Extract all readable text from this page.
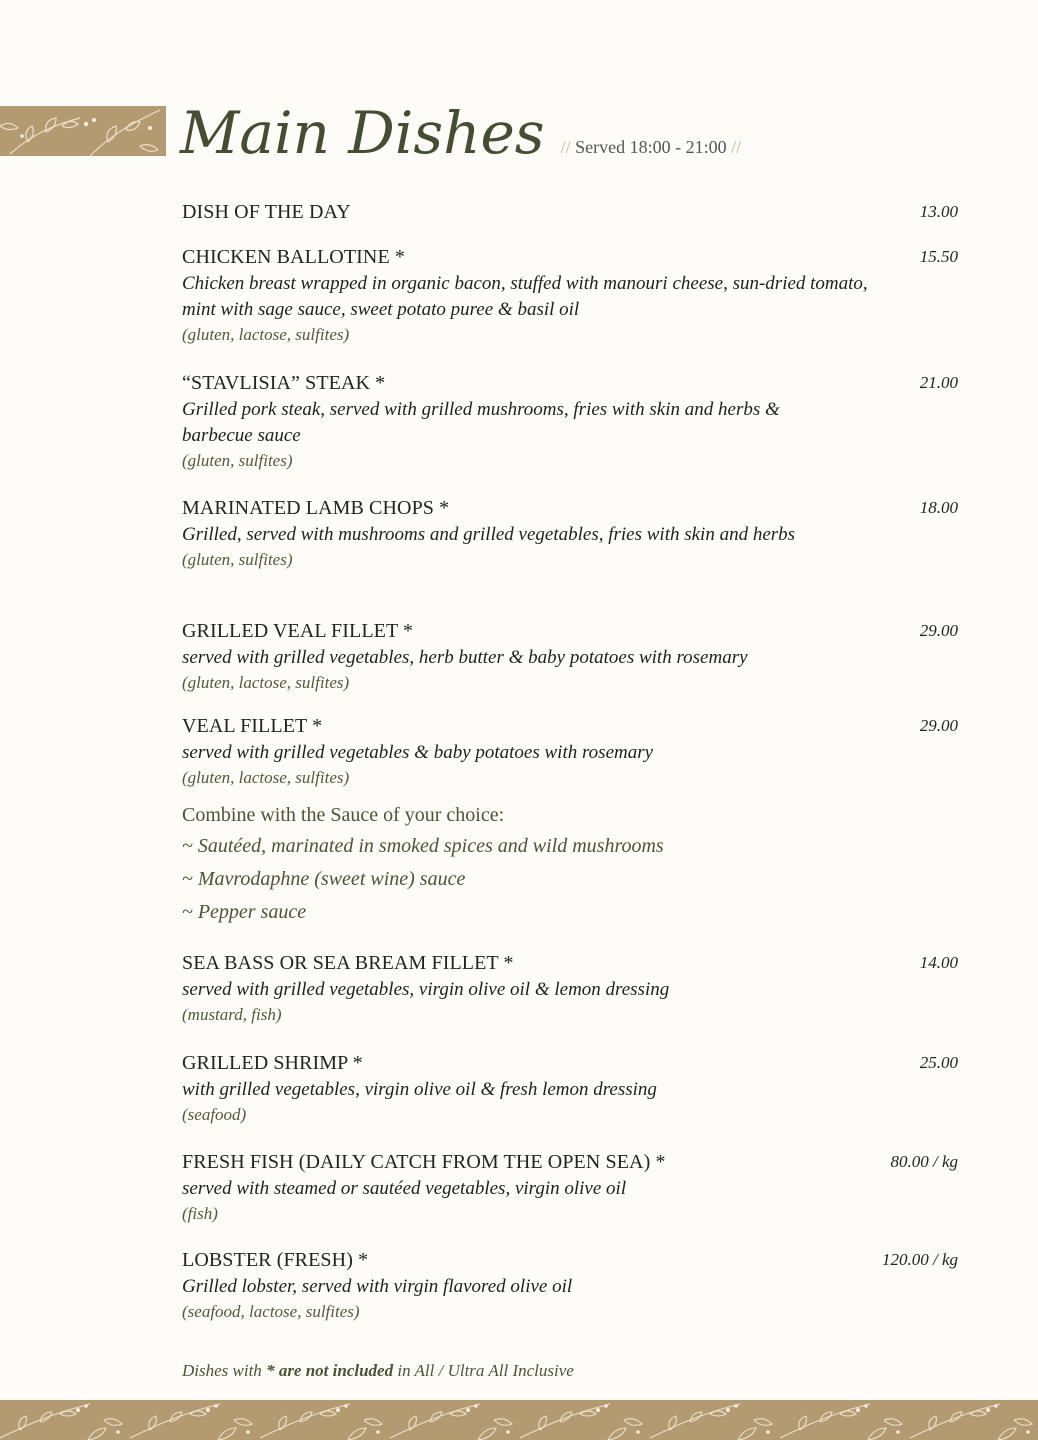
Main Dishes // Served 18:00 - 21:00 //
DISH OF THE DAY	13.00
CHICKEN BALLOTINE *	15.50
Chicken breast wrapped in organic bacon, stuffed with manouri cheese, sun-dried tomato, mint with sage sauce, sweet potato puree & basil oil
(gluten, lactose, sulfites)
“STAVLISIA” STEAK *	21.00
Grilled pork steak, served with grilled mushrooms, fries with skin and herbs & barbecue sauce
(gluten, sulfites)
MARINATED LAMB CHOPS *	18.00
Grilled, served with mushrooms and grilled vegetables, fries with skin and herbs
(gluten, sulfites)
GRILLED VEAL FILLET *	29.00
served with grilled vegetables, herb butter & baby potatoes with rosemary
(gluten, lactose, sulfites)
VEAL FILLET *	29.00
served with grilled vegetables & baby potatoes with rosemary
(gluten, lactose, sulfites)
Combine with the Sauce of your choice:
~ Sautéed, marinated in smoked spices and wild mushrooms
~ Mavrodaphne (sweet wine) sauce
~ Pepper sauce
SEA BASS OR SEA BREAM FILLET *	14.00
served with grilled vegetables, virgin olive oil & lemon dressing
(mustard, fish)
GRILLED SHRIMP *	25.00
with grilled vegetables, virgin olive oil & fresh lemon dressing
(seafood)
FRESH FISH (DAILY CATCH FROM THE OPEN SEA) *	80.00 / kg
served with steamed or sautéed vegetables, virgin olive oil
(fish)
LOBSTER (FRESH) *	120.00 / kg
Grilled lobster, served with virgin flavored olive oil
(seafood, lactose, sulfites)
Dishes with * are not included in All / Ultra All Inclusive
